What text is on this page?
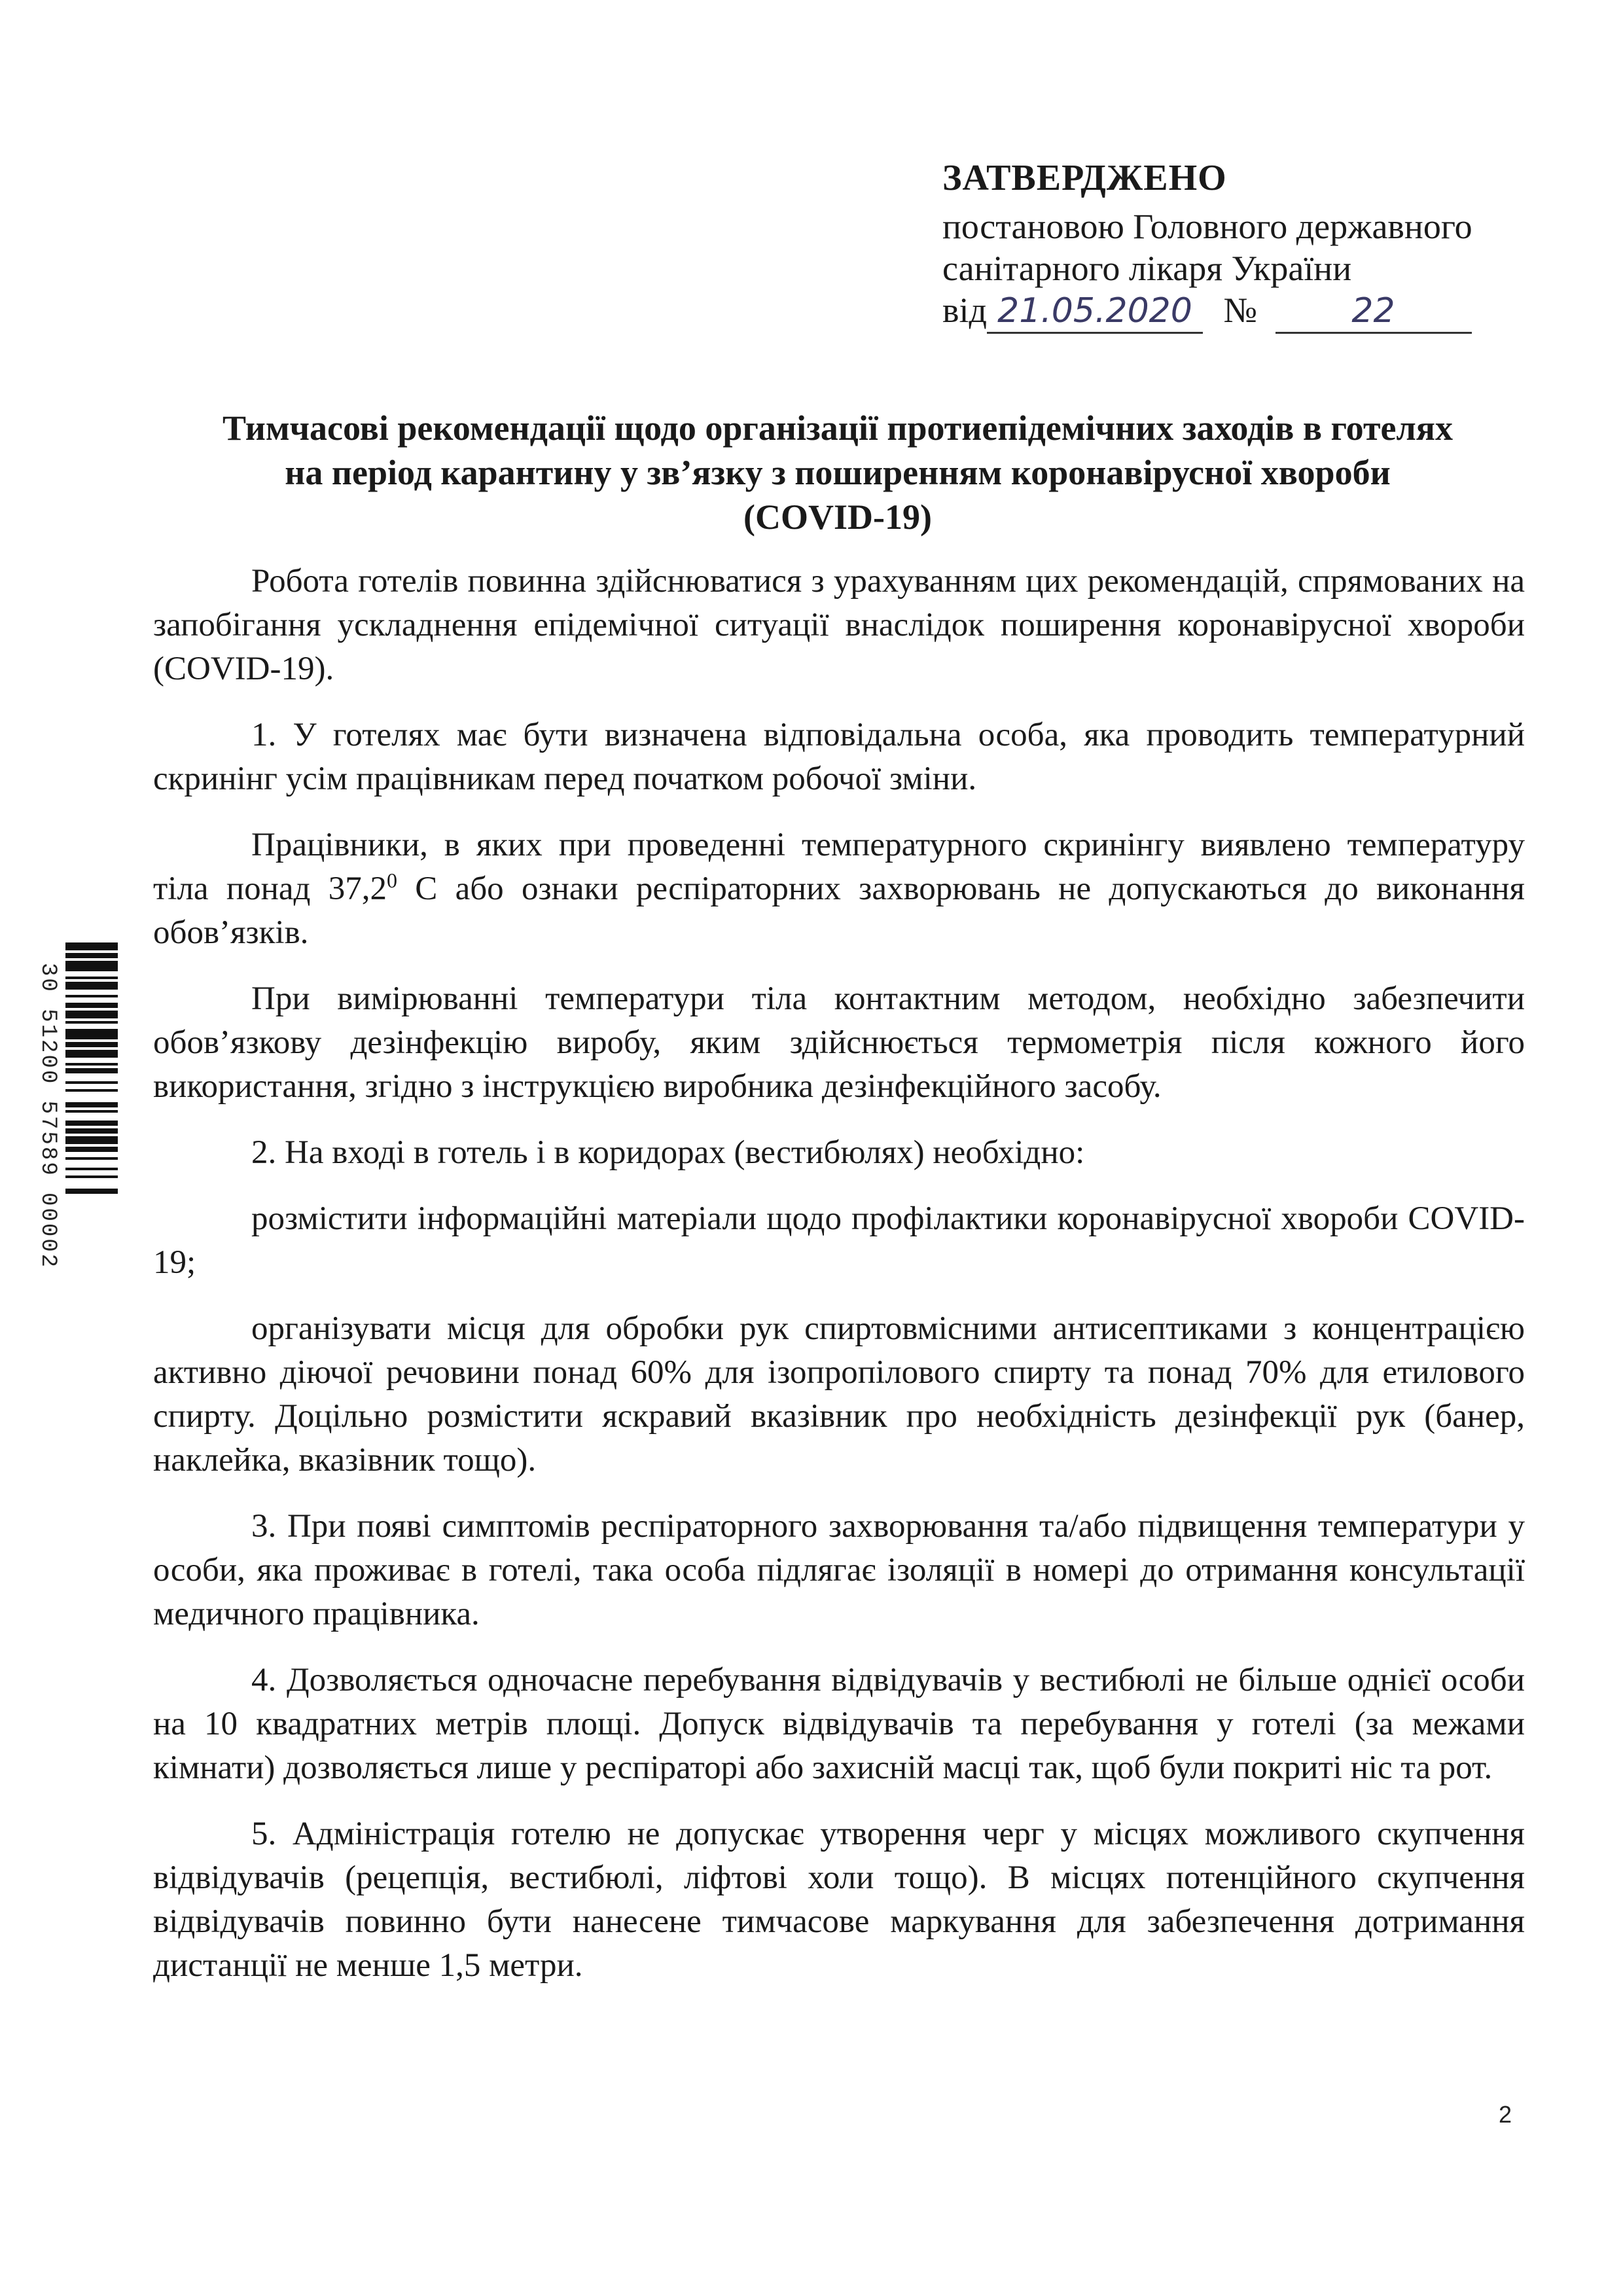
ЗАТВЕРДЖЕНО
постановою Головного державного
санітарного лікаря України
від 21.05.2020 №	22
Тимчасові рекомендації щодо організації протиепідемічних заходів в готелях
на період карантину у зв’язку з поширенням коронавірусної хвороби
(COVID-19)

Робота готелів повинна здійснюватися з урахуванням цих рекомендацій, спрямованих на запобігання ускладнення епідемічної ситуації внаслідок поширення коронавірусної хвороби (COVID-19).

1. У готелях має бути визначена відповідальна особа, яка проводить температурний скринінг усім працівникам перед початком робочої зміни.

Працівники, в яких при проведенні температурного скринінгу виявлено температуру тіла понад 37,2$^0$ С або ознаки респіраторних захворювань не допускаються до виконання обов’язків.

При вимірюванні температури тіла контактним методом, необхідно забезпечити обов’язкову дезінфекцію виробу, яким здійснюється термометрія після кожного його використання, згідно з інструкцією виробника дезінфекційного засобу.

2. На вході в готель і в коридорах (вестибюлях) необхідно:

розмістити інформаційні матеріали щодо профілактики коронавірусної хвороби COVID-19;

організувати місця для обробки рук спиртовмісними антисептиками з концентрацією активно діючої речовини понад 60% для ізопропілового спирту та понад 70% для етилового спирту. Доцільно розмістити яскравий вказівник про необхідність дезінфекції рук (банер, наклейка, вказівник тощо).

3. При появі симптомів респіраторного захворювання та/або підвищення температури у особи, яка проживає в готелі, така особа підлягає ізоляції в номері до отримання консультації медичного працівника.

4. Дозволяється одночасне перебування відвідувачів у вестибюлі не більше однієї особи на 10 квадратних метрів площі. Допуск відвідувачів та перебування у готелі (за межами кімнати) дозволяється лише у респіраторі або захисній масці так, щоб були покриті ніс та рот.

5. Адміністрація готелю не допускає утворення черг у місцях можливого скупчення відвідувачів (рецепція, вестибюлі, ліфтові холи тощо). В місцях потенційного скупчення відвідувачів повинно бути нанесене тимчасове маркування для забезпечення дотримання дистанції не менше 1,5 метри.

30 51200 57589 00002
2
